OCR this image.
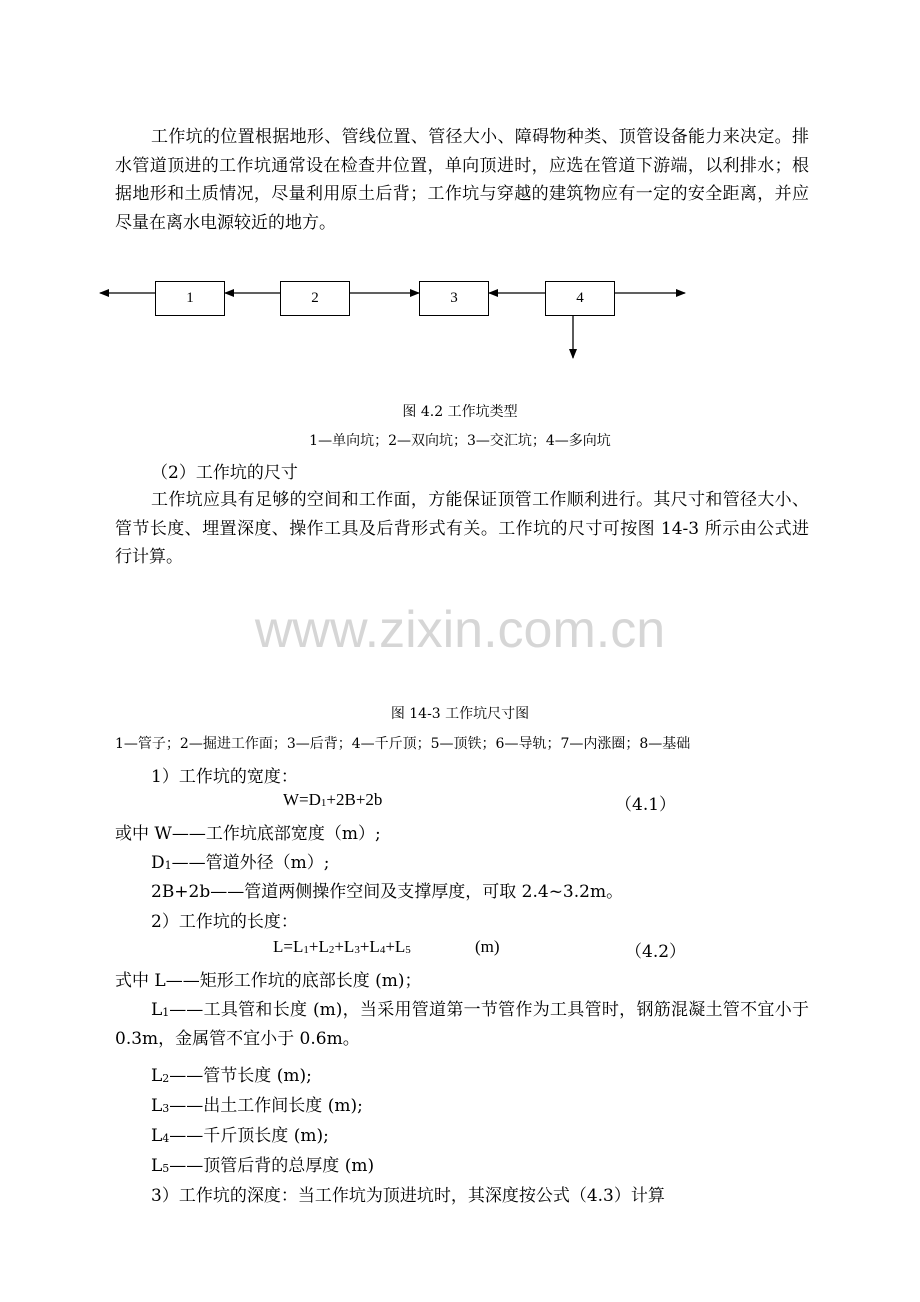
工作坑的位置根据地形、管线位置、管径大小、障碍物种类、顶管设备能力来决定。排水管道顶进的工作坑通常设在检查井位置，单向顶进时，应选在管道下游端，以利排水；根据地形和土质情况，尽量利用原土后背；工作坑与穿越的建筑物应有一定的安全距离，并应尽量在离水电源较近的地方。
1	2	3	4
图 4.2 工作坑类型
1—单向坑；2—双向坑；3—交汇坑；4—多向坑
（2）工作坑的尺寸
工作坑应具有足够的空间和工作面，方能保证顶管工作顺利进行。其尺寸和管径大小、管节长度、埋置深度、操作工具及后背形式有关。工作坑的尺寸可按图 14-3 所示由公式进行计算。
www.zixin.com.cn
图 14-3 工作坑尺寸图
1—管子；2—掘进工作面；3—后背；4—千斤顶；5—顶铁；6—导轨；7—内涨圈；8—基础
1）工作坑的宽度：
$W=D_1+2B+2b$	（4.1）
或中 W——工作坑底部宽度（m）;
$D_1——$管道外径（m）;
2B+2b——管道两侧操作空间及支撑厚度，可取 2.4~3.2m。
2）工作坑的长度：
$L=L_1+L_2+L_3+L_4+L_5$	(m)	（4.2）
式中 L——矩形工作坑的底部长度 (m)；
$L_1——$工具管和长度 (m)，当采用管道第一节管作为工具管时，钢筋混凝土管不宜小于 0.3m，金属管不宜小于 0.6m。
$L_2——$管节长度 (m);
$L_3——$出土工作间长度 (m);
$L_4——$千斤顶长度 (m);
$L_5——$顶管后背的总厚度 (m)
3）工作坑的深度：当工作坑为顶进坑时，其深度按公式（4.3）计算
